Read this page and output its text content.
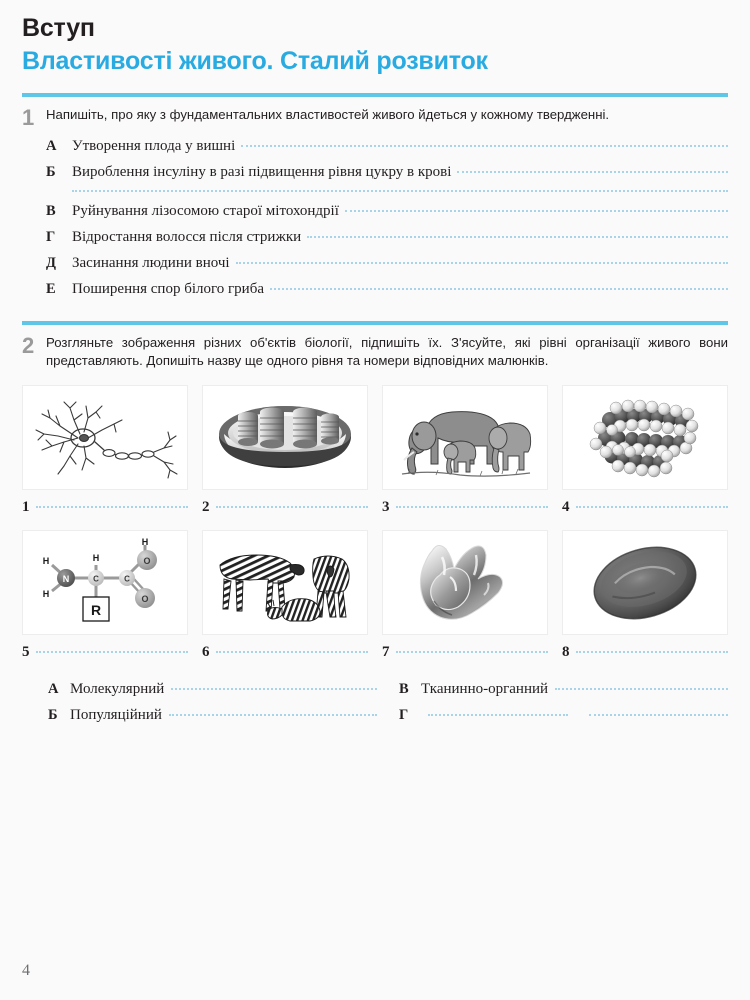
Вступ
Властивості живого. Сталий розвиток
1 Напишіть, про яку з фундаментальних властивостей живого йдеться у кожному твердженні.
А	Утворення плода у вишні
Б	Вироблення інсуліну в разі підвищення рівня цукру в крові
В	Руйнування лізосомою старої мітохондрії
Г	Відростання волосся після стрижки
Д	Засинання людини вночі
Е	Поширення спор білого гриба
2 Розгляньте зображення різних об'єктів біології, підпишіть їх. З'ясуйте, які рівні організації живого вони представляють. Допишіть назву ще одного рівня та номери відповідних малюнків.
1	2	3	4
N	C	C
O
O
H
H
H
H
R
5	6	7	8
А Молекулярний	В Тканинно-органний
Б Популяційний	Г
4
